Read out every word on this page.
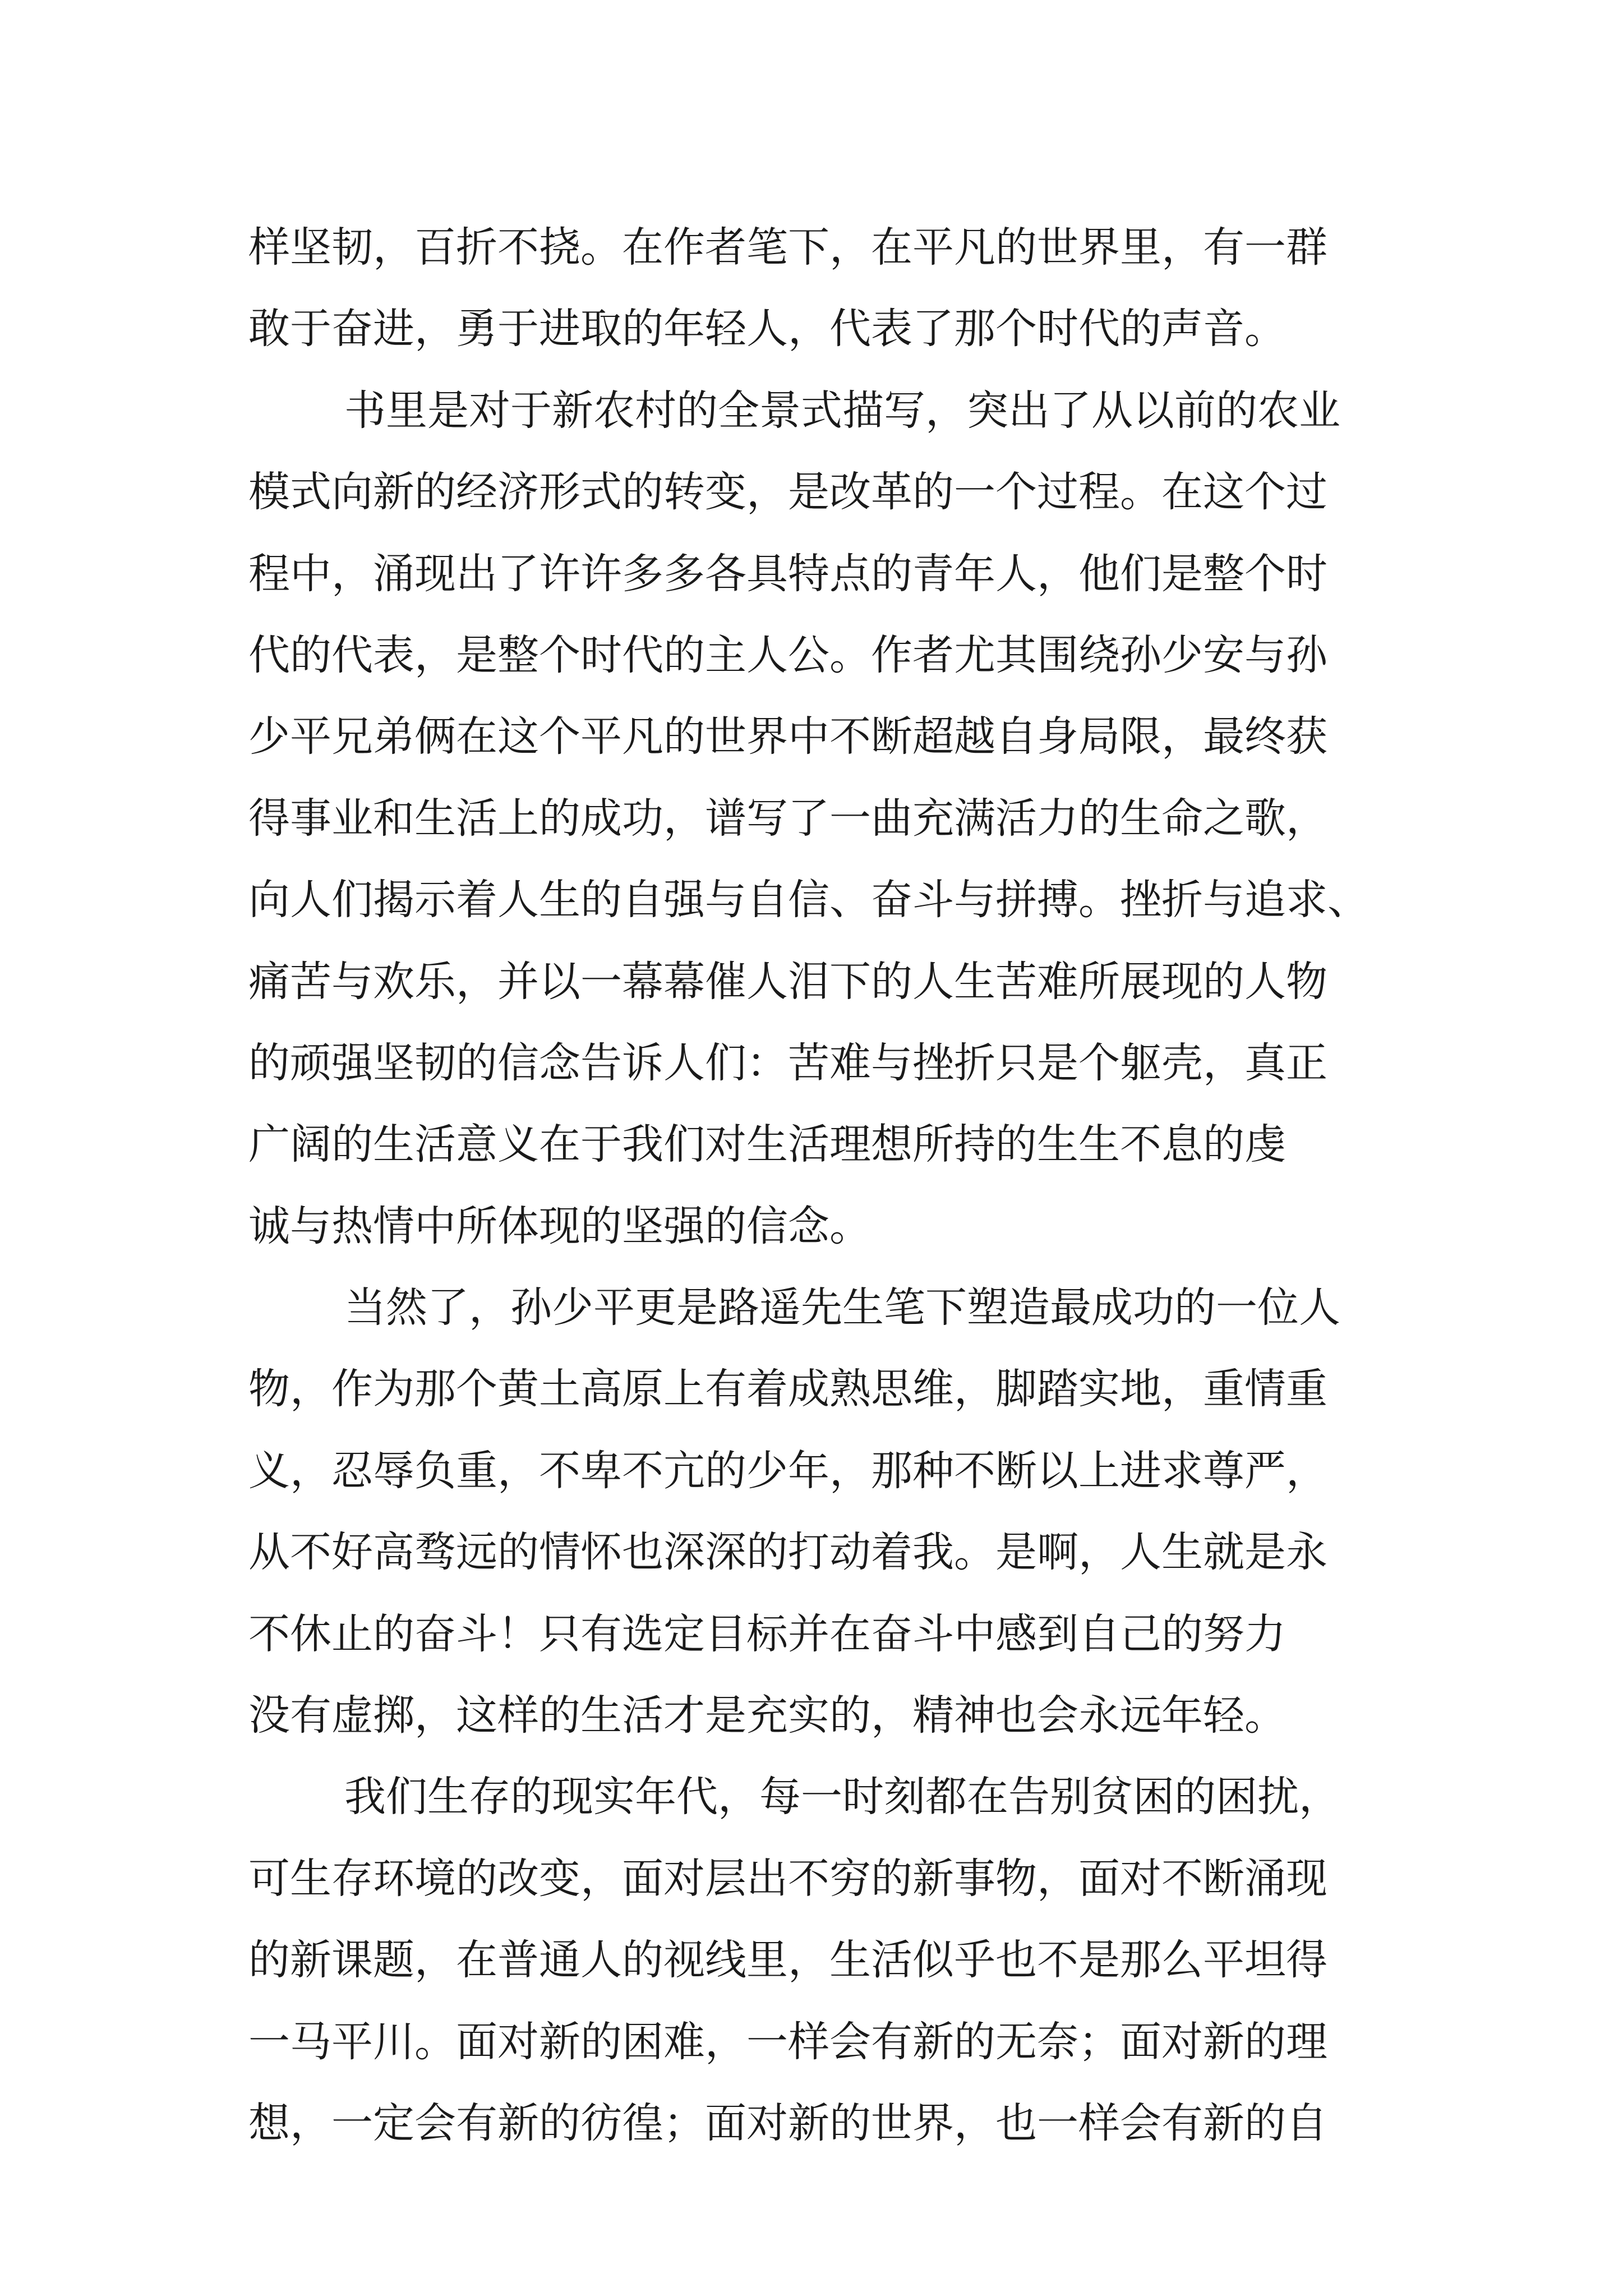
样坚韧，百折不挠。在作者笔下，在平凡的世界里，有一群
敢于奋进，勇于进取的年轻人，代表了那个时代的声音。
书里是对于新农村的全景式描写，突出了从以前的农业
模式向新的经济形式的转变，是改革的一个过程。在这个过
程中，涌现出了许许多多各具特点的青年人，他们是整个时
代的代表，是整个时代的主人公。作者尤其围绕孙少安与孙
少平兄弟俩在这个平凡的世界中不断超越自身局限，最终获
得事业和生活上的成功，谱写了一曲充满活力的生命之歌，
向人们揭示着人生的自强与自信、奋斗与拼搏。挫折与追求、
痛苦与欢乐，并以一幕幕催人泪下的人生苦难所展现的人物
的顽强坚韧的信念告诉人们：苦难与挫折只是个躯壳，真正
广阔的生活意义在于我们对生活理想所持的生生不息的虔
诚与热情中所体现的坚强的信念。
当然了，孙少平更是路遥先生笔下塑造最成功的一位人
物，作为那个黄土高原上有着成熟思维，脚踏实地，重情重
义，忍辱负重，不卑不亢的少年，那种不断以上进求尊严，
从不好高骛远的情怀也深深的打动着我。是啊，人生就是永
不休止的奋斗！只有选定目标并在奋斗中感到自己的努力
没有虚掷，这样的生活才是充实的，精神也会永远年轻。
我们生存的现实年代，每一时刻都在告别贫困的困扰，
可生存环境的改变，面对层出不穷的新事物，面对不断涌现
的新课题，在普通人的视线里，生活似乎也不是那么平坦得
一马平川。面对新的困难，一样会有新的无奈；面对新的理
想，一定会有新的彷徨；面对新的世界，也一样会有新的自
